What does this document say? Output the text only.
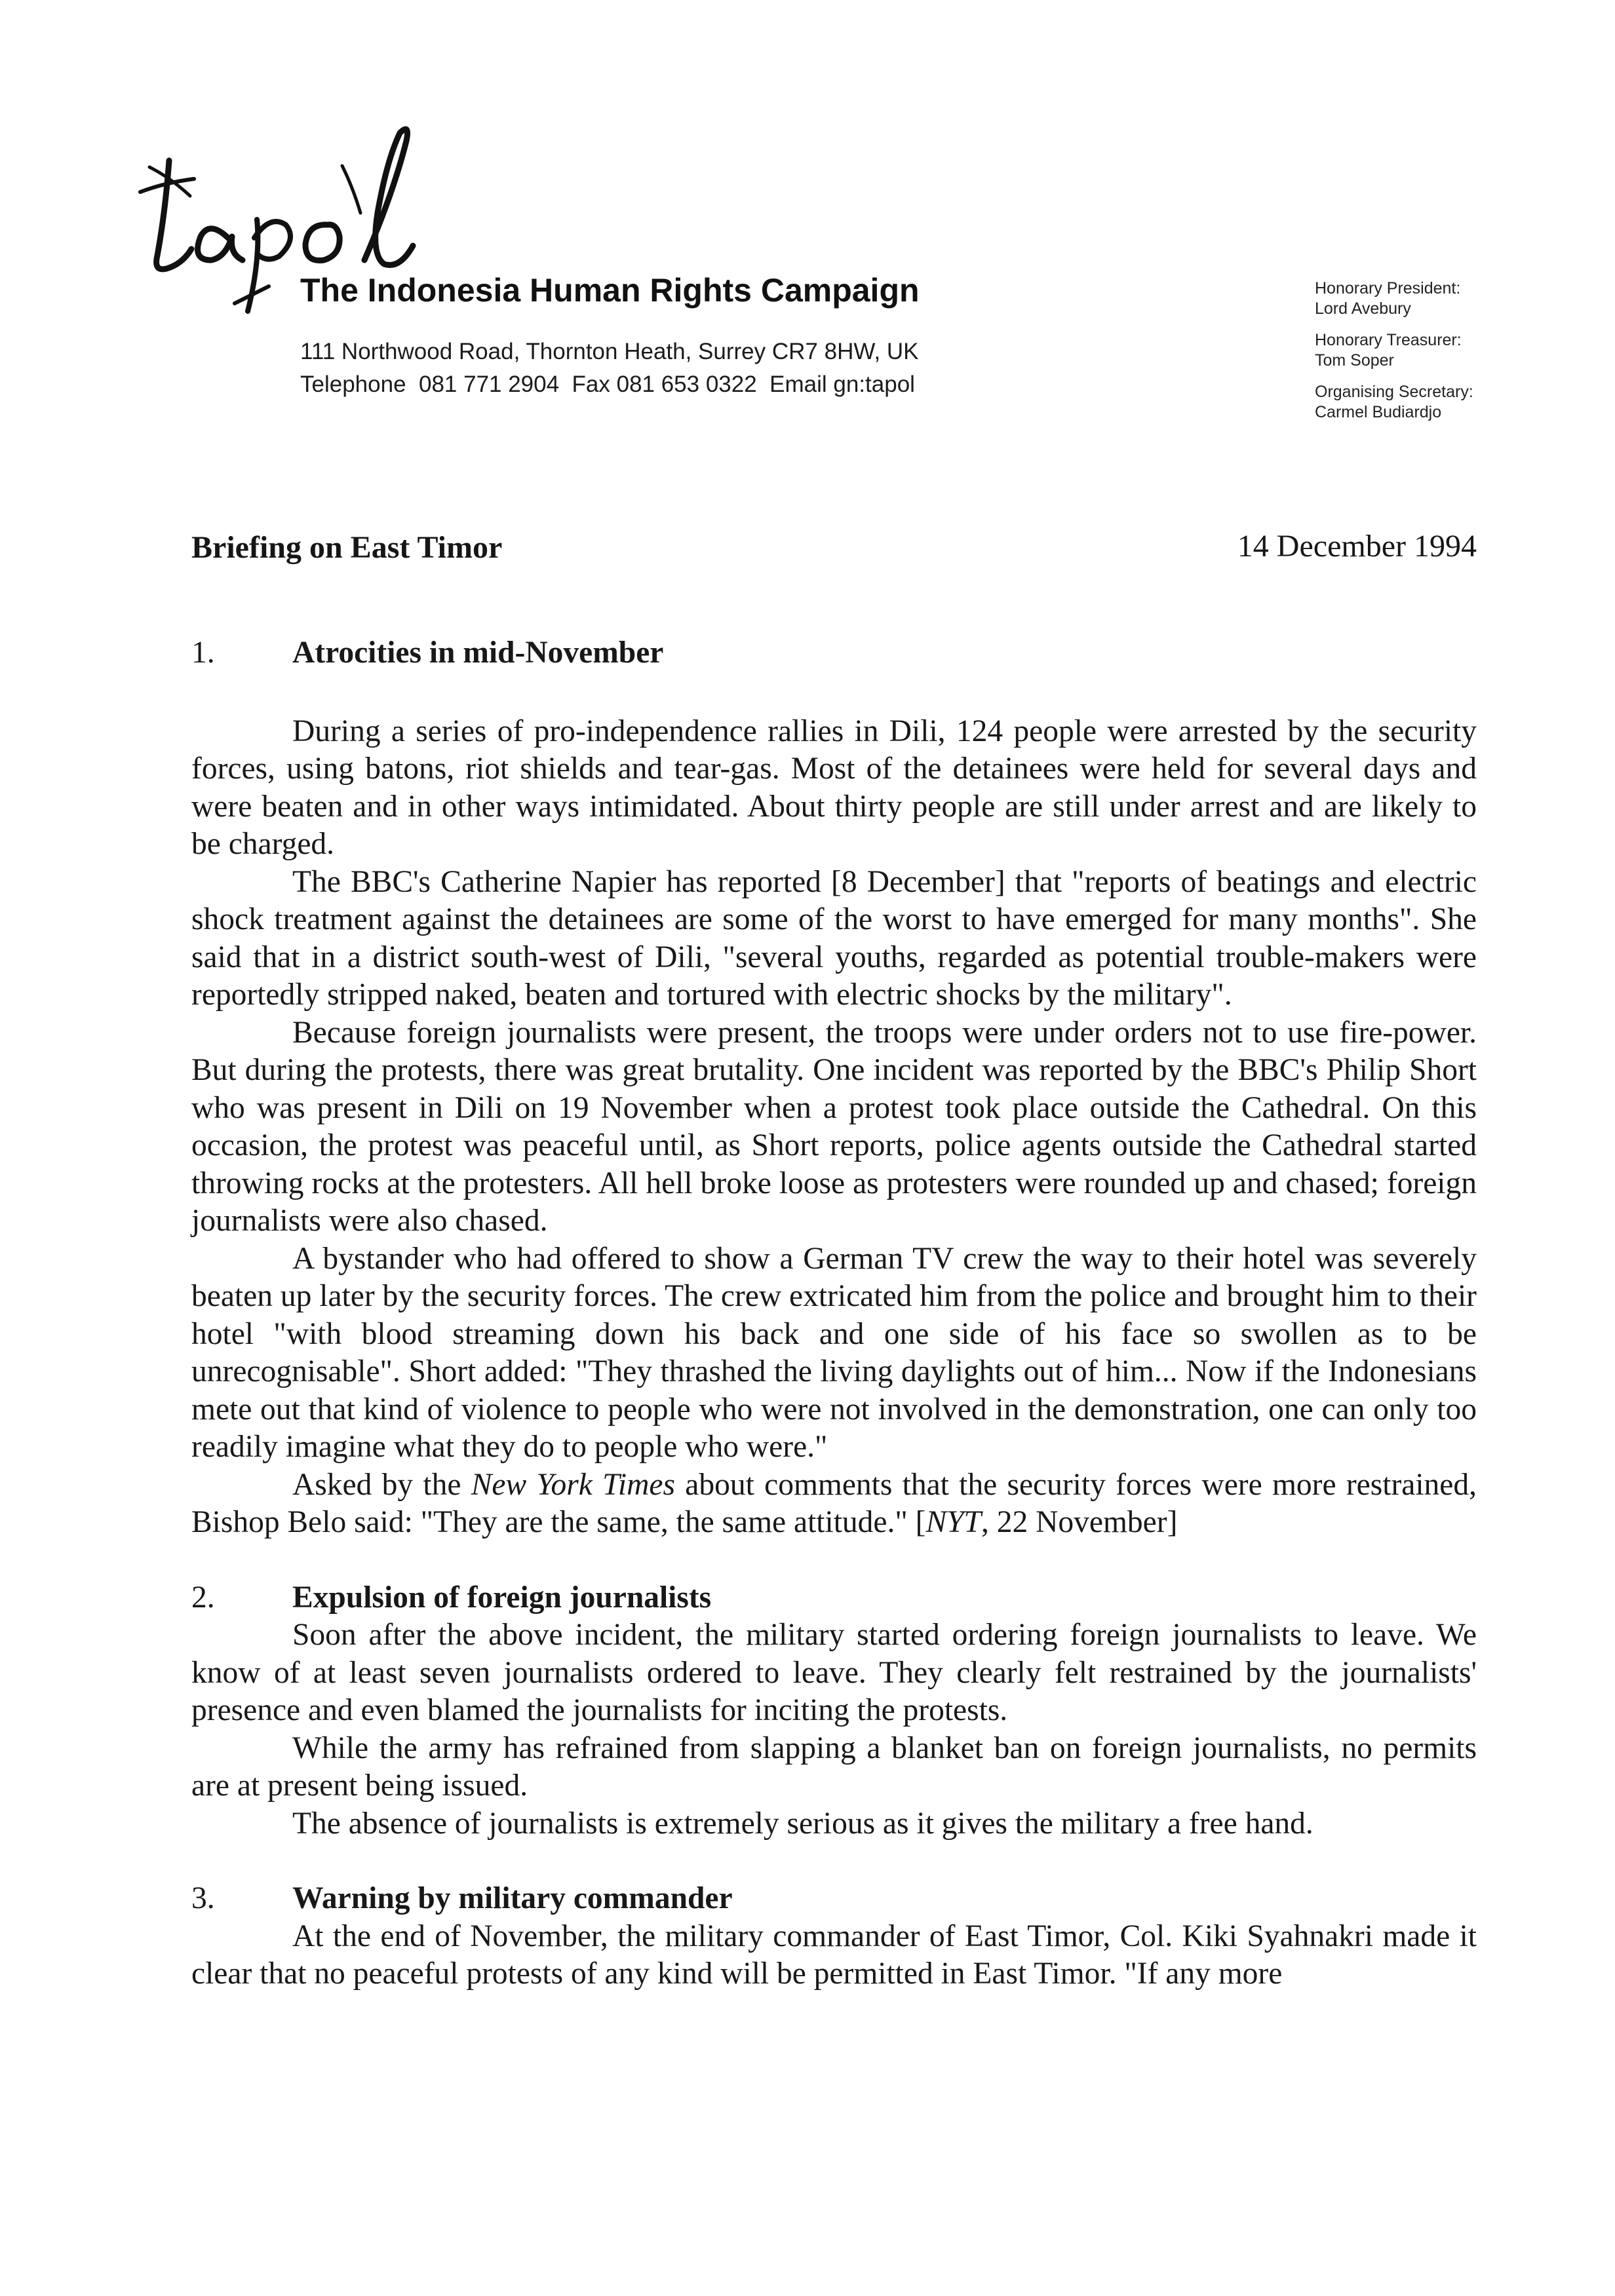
tapol
The Indonesia Human Rights Campaign
111 Northwood Road, Thornton Heath, Surrey CR7 8HW, UK
Telephone  081 771 2904  Fax 081 653 0322  Email gn:tapol
Honorary President:
Lord Avebury
Honorary Treasurer:
Tom Soper
Organising Secretary:
Carmel Budiardjo
Briefing on East Timor	14 December 1994
1.	Atrocities in mid-November

During a series of pro-independence rallies in Dili, 124 people were arrested by the security forces, using batons, riot shields and tear-gas. Most of the detainees were held for several days and were beaten and in other ways intimidated. About thirty people are still under arrest and are likely to be charged.

The BBC's Catherine Napier has reported [8 December] that "reports of beatings and electric shock treatment against the detainees are some of the worst to have emerged for many months". She said that in a district south-west of Dili, "several youths, regarded as potential trouble-makers were reportedly stripped naked, beaten and tortured with electric shocks by the military".

Because foreign journalists were present, the troops were under orders not to use fire-power. But during the protests, there was great brutality. One incident was reported by the BBC's Philip Short who was present in Dili on 19 November when a protest took place outside the Cathedral. On this occasion, the protest was peaceful until, as Short reports, police agents outside the Cathedral started throwing rocks at the protesters. All hell broke loose as protesters were rounded up and chased; foreign journalists were also chased.

A bystander who had offered to show a German TV crew the way to their hotel was severely beaten up later by the security forces. The crew extricated him from the police and brought him to their hotel "with blood streaming down his back and one side of his face so swollen as to be unrecognisable". Short added: "They thrashed the living daylights out of him... Now if the Indonesians mete out that kind of violence to people who were not involved in the demonstration, one can only too readily imagine what they do to people who were."

Asked by the New York Times about comments that the security forces were more restrained, Bishop Belo said: "They are the same, the same attitude." [NYT, 22 November]

2.	Expulsion of foreign journalists

Soon after the above incident, the military started ordering foreign journalists to leave. We know of at least seven journalists ordered to leave. They clearly felt restrained by the journalists' presence and even blamed the journalists for inciting the protests.

While the army has refrained from slapping a blanket ban on foreign journalists, no permits are at present being issued.

The absence of journalists is extremely serious as it gives the military a free hand.

3.	Warning by military commander

At the end of November, the military commander of East Timor, Col. Kiki Syahnakri made it clear that no peaceful protests of any kind will be permitted in East Timor. "If any more
